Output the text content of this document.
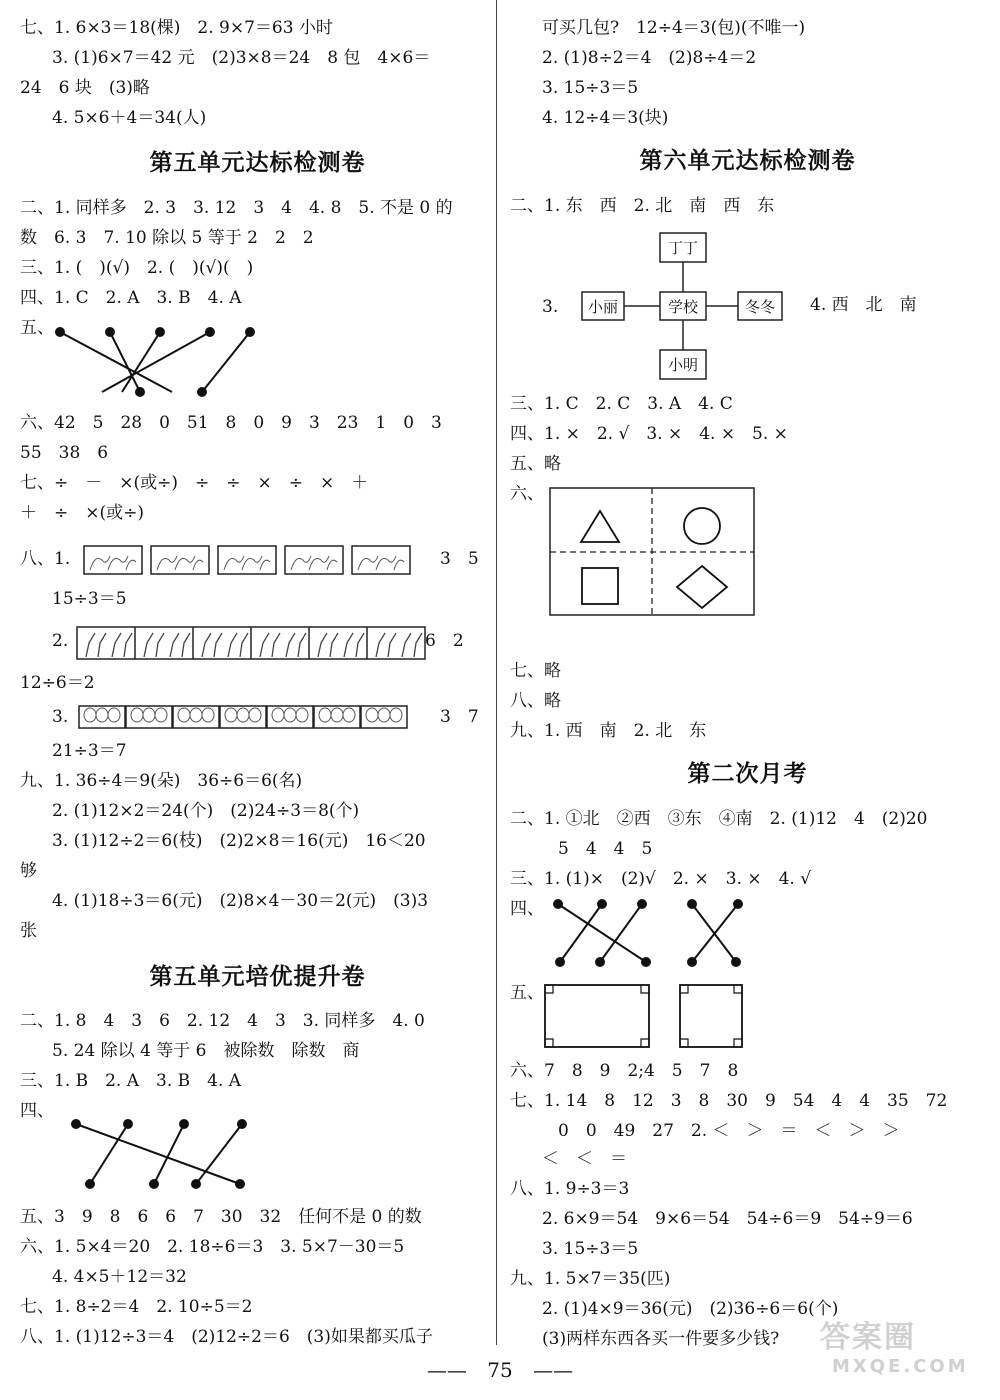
七、1. 6×3＝18(棵)　2. 9×7＝63 小时
3. (1)6×7＝42 元　(2)3×8＝24　8 包　4×6＝
24　6 块　(3)略
4. 5×6＋4＝34(人)
第五单元达标检测卷
二、1. 同样多　2. 3　3. 12　3　4　4. 8　5. 不是 0 的
数　6. 3　7. 10 除以 5 等于 2　2　2
三、1. (　)(√)　2. (　)(√)(　)
四、1. C　2. A　3. B　4. A
五、
六、42　5　28　0　51　8　0　9　3　23　1　0　3
55　38　6
七、÷　－　×(或÷)　÷　÷　×　÷　×　＋
＋　÷　×(或÷)
八、1.	3　5
15÷3＝5
2.	6　2
12÷6＝2
3.	3　7
21÷3＝7
九、1. 36÷4＝9(朵)　36÷6＝6(名)
2. (1)12×2＝24(个)　(2)24÷3＝8(个)
3. (1)12÷2＝6(枝)　(2)2×8＝16(元)　16＜20
够
4. (1)18÷3＝6(元)　(2)8×4－30＝2(元)　(3)3
张
第五单元培优提升卷
二、1. 8　4　3　6　2. 12　4　3　3. 同样多　4. 0
5. 24 除以 4 等于 6　被除数　除数　商
三、1. B　2. A　3. B　4. A
四、
五、3　9　8　6　6　7　30　32　任何不是 0 的数
六、1. 5×4＝20　2. 18÷6＝3　3. 5×7－30＝5
4. 4×5＋12＝32
七、1. 8÷2＝4　2. 10÷5＝2
八、1. (1)12÷3＝4　(2)12÷2＝6　(3)如果都买瓜子
可买几包?　12÷4＝3(包)(不唯一)
2. (1)8÷2＝4　(2)8÷4＝2
3. 15÷3＝5
4. 12÷4＝3(块)
第六单元达标检测卷
二、1. 东　西　2. 北　南　西　东
3.
丁丁
小丽	学校	冬冬
小明
4. 西　北　南
三、1. C　2. C　3. A　4. C
四、1. ×　2. √　3. ×　4. ×　5. ×
五、略
六、
七、略
八、略
九、1. 西　南　2. 北　东
第二次月考
二、1. ①北　②西　③东　④南　2. (1)12　4　(2)20
5　4　4　5
三、1. (1)×　(2)√　2. ×　3. ×　4. √
四、
五、
六、7　8　9　2;4　5　7　8
七、1. 14　8　12　3　8　30　9　54　4　4　35　72
0　0　49　27　2. ＜　＞　＝　＜　＞　＞
＜　＜　＝
八、1. 9÷3＝3
2. 6×9＝54　9×6＝54　54÷6＝9　54÷9＝6
3. 15÷3＝5
九、1. 5×7＝35(匹)
2. (1)4×9＝36(元)　(2)36÷6＝6(个)
(3)两样东西各买一件要多少钱? 答案圈
MXQE.COM
—— 75 ——
